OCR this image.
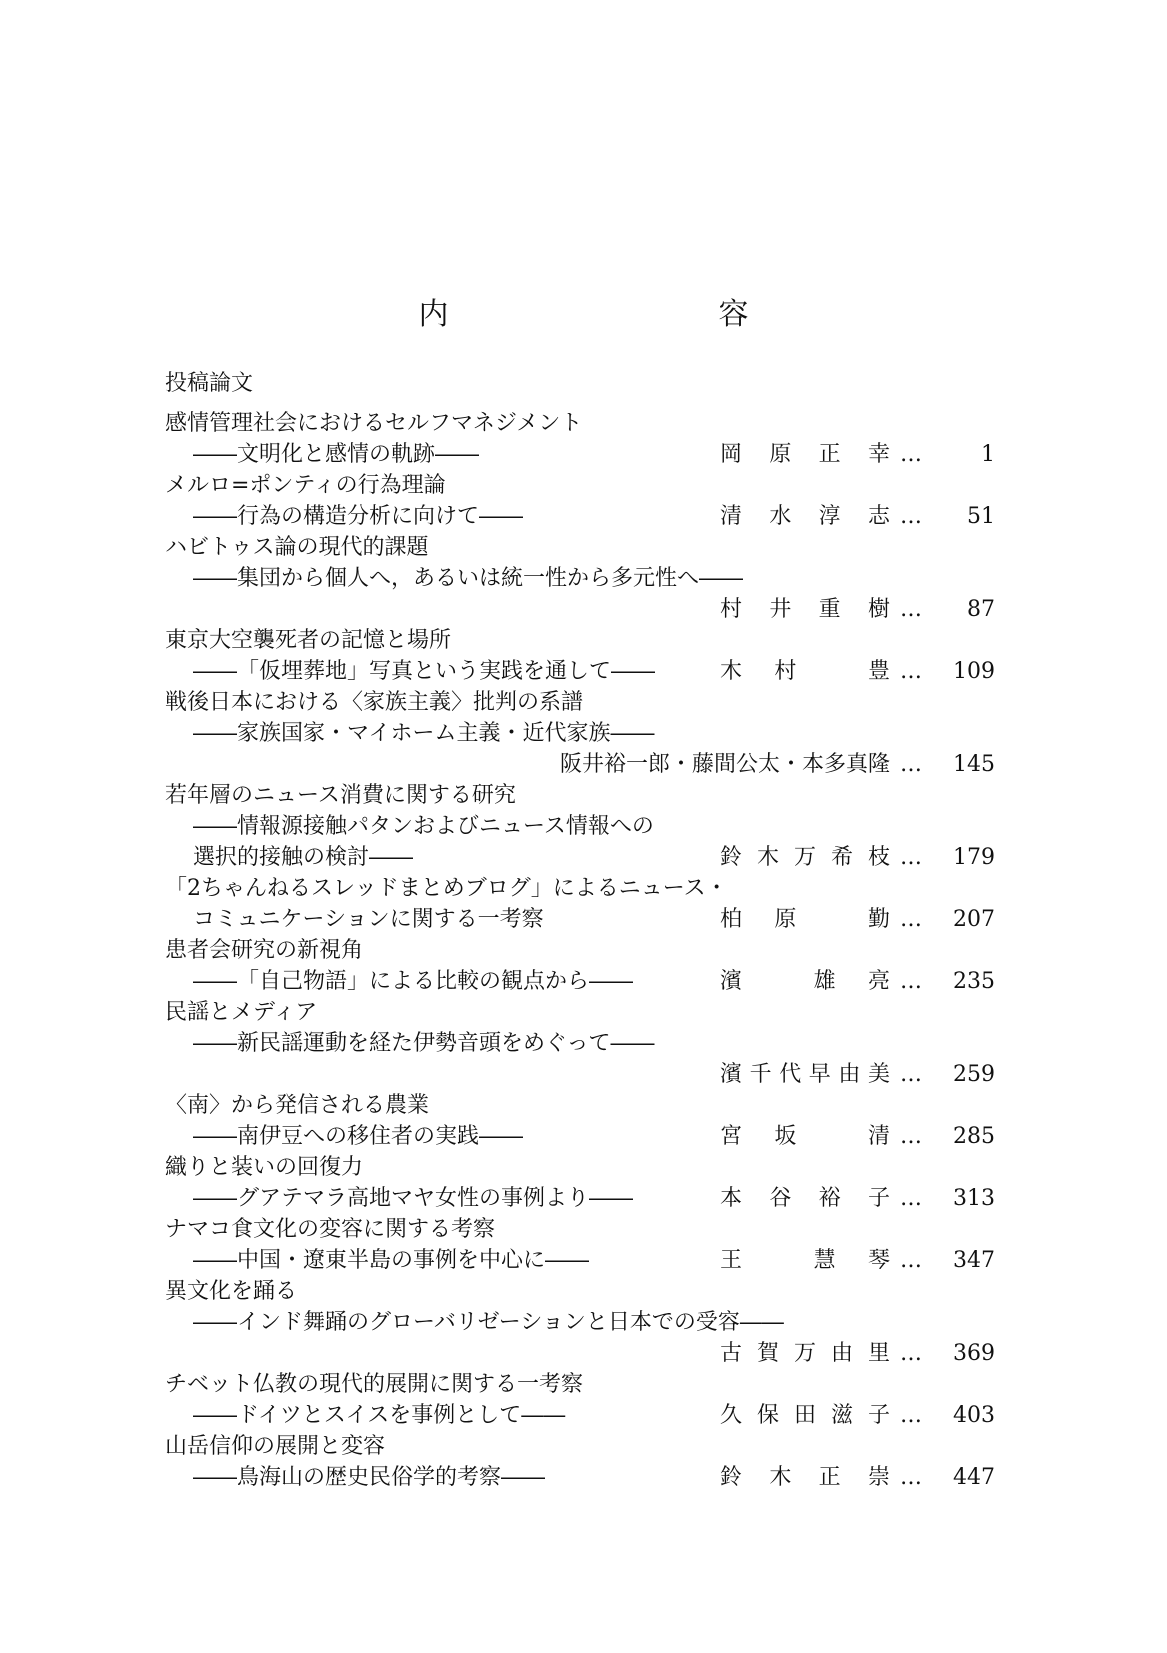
内　　容
投稿論文
感情管理社会におけるセルフマネジメント
――文明化と感情の軌跡――	岡原正幸 …	1
メルロ=ポンティの行為理論
――行為の構造分析に向けて――	清水淳志 …	51
ハビトゥス論の現代的課題
――集団から個人へ，あるいは統一性から多元性へ――
村井重樹 …	87
東京大空襲死者の記憶と場所
――「仮埋葬地」写真という実践を通して――	木村 豊 …	109
戦後日本における〈家族主義〉批判の系譜
――家族国家・マイホーム主義・近代家族――
阪井裕一郎・藤間公太・本多真隆 …	145
若年層のニュース消費に関する研究
――情報源接触パタンおよびニュース情報への
選択的接触の検討――	鈴木万希枝 …	179
「2ちゃんねるスレッドまとめブログ」によるニュース・
コミュニケーションに関する一考察	柏原 勤 …	207
患者会研究の新視角
――「自己物語」による比較の観点から――	濱 雄亮 …	235
民謡とメディア
――新民謡運動を経た伊勢音頭をめぐって――
濱千代早由美 …	259
〈南〉から発信される農業
――南伊豆への移住者の実践――	宮坂 清 …	285
織りと装いの回復力
――グアテマラ高地マヤ女性の事例より――	本谷裕子 …	313
ナマコ食文化の変容に関する考察
――中国・遼東半島の事例を中心に――	王 慧琴 …	347
異文化を踊る
――インド舞踊のグローバリゼーションと日本での受容――
古賀万由里 …	369
チベット仏教の現代的展開に関する一考察
――ドイツとスイスを事例として――	久保田滋子 …	403
山岳信仰の展開と変容
――鳥海山の歴史民俗学的考察――	鈴木正崇 …	447
